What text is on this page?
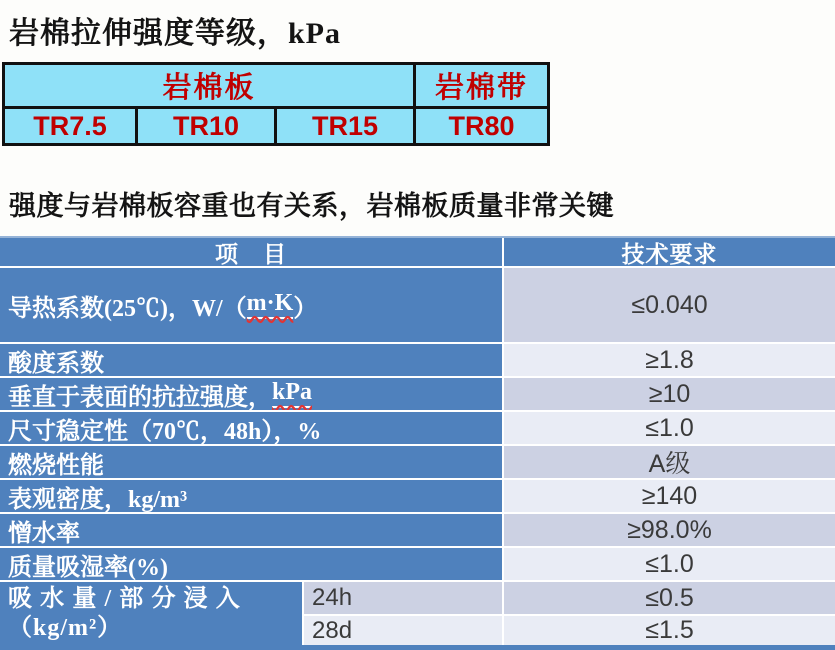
岩棉拉伸强度等级，kPa
岩棉板	岩棉带
TR7.5	TR10	TR15	TR80
强度与岩棉板容重也有关系，岩棉板质量非常关键
项　目	技术要求
导热系数(25℃)，W/（ m·K ）	≤0.040
酸度系数	≥1.8
垂直于表面的抗拉强度， kPa	≥10
尺寸稳定性（70℃，48h），%	≤1.0
燃烧性能	A级
表观密度，kg/m³	≥140
憎水率	≥98.0%
质量吸湿率(%)	≤1.0
吸水量/部分浸入
（kg/m²）
24h	≤0.5
28d	≤1.5
